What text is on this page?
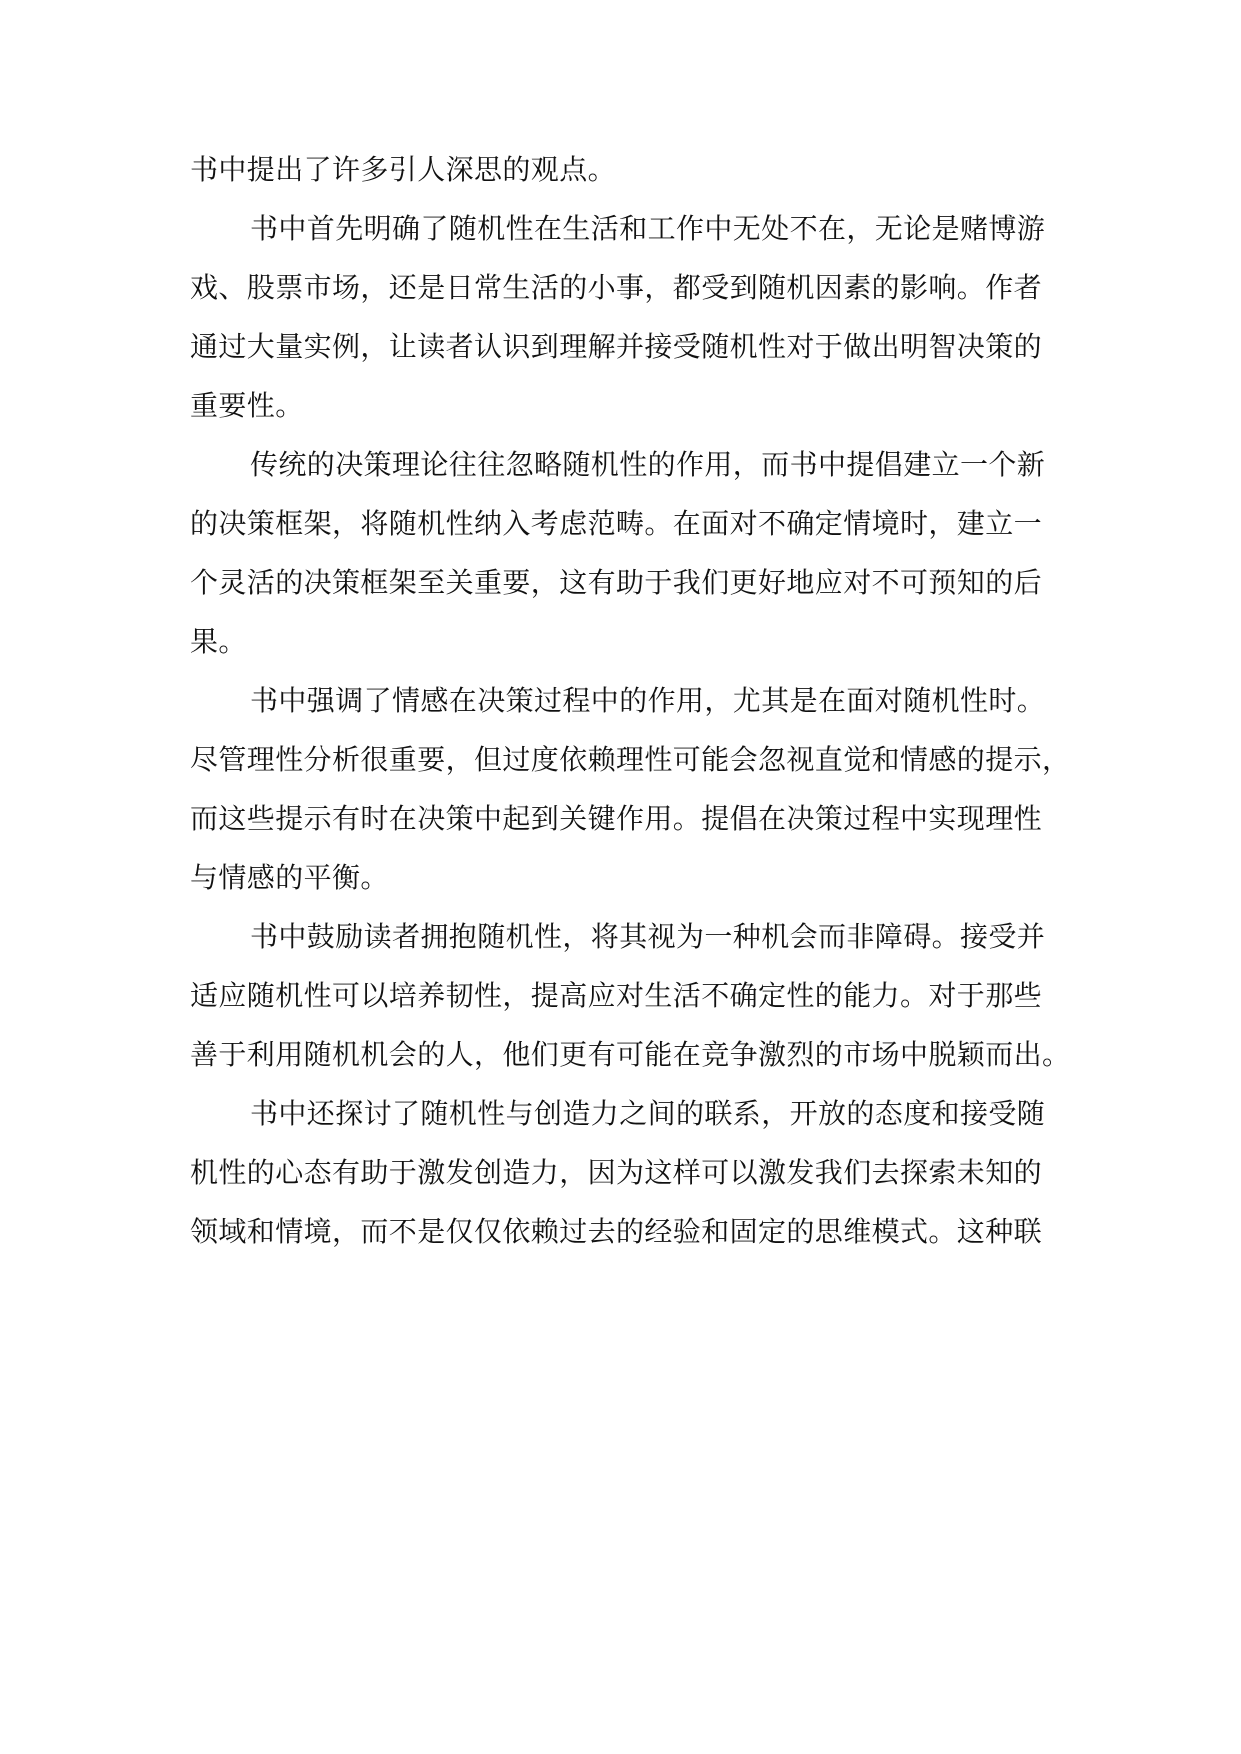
书中提出了许多引人深思的观点。
书中首先明确了随机性在生活和工作中无处不在，无论是赌博游
戏、股票市场，还是日常生活的小事，都受到随机因素的影响。作者
通过大量实例，让读者认识到理解并接受随机性对于做出明智决策的
重要性。
传统的决策理论往往忽略随机性的作用，而书中提倡建立一个新
的决策框架，将随机性纳入考虑范畴。在面对不确定情境时，建立一
个灵活的决策框架至关重要，这有助于我们更好地应对不可预知的后
果。
书中强调了情感在决策过程中的作用，尤其是在面对随机性时。
尽管理性分析很重要，但过度依赖理性可能会忽视直觉和情感的提示，
而这些提示有时在决策中起到关键作用。提倡在决策过程中实现理性
与情感的平衡。
书中鼓励读者拥抱随机性，将其视为一种机会而非障碍。接受并
适应随机性可以培养韧性，提高应对生活不确定性的能力。对于那些
善于利用随机机会的人，他们更有可能在竞争激烈的市场中脱颖而出。
书中还探讨了随机性与创造力之间的联系，开放的态度和接受随
机性的心态有助于激发创造力，因为这样可以激发我们去探索未知的
领域和情境，而不是仅仅依赖过去的经验和固定的思维模式。这种联
